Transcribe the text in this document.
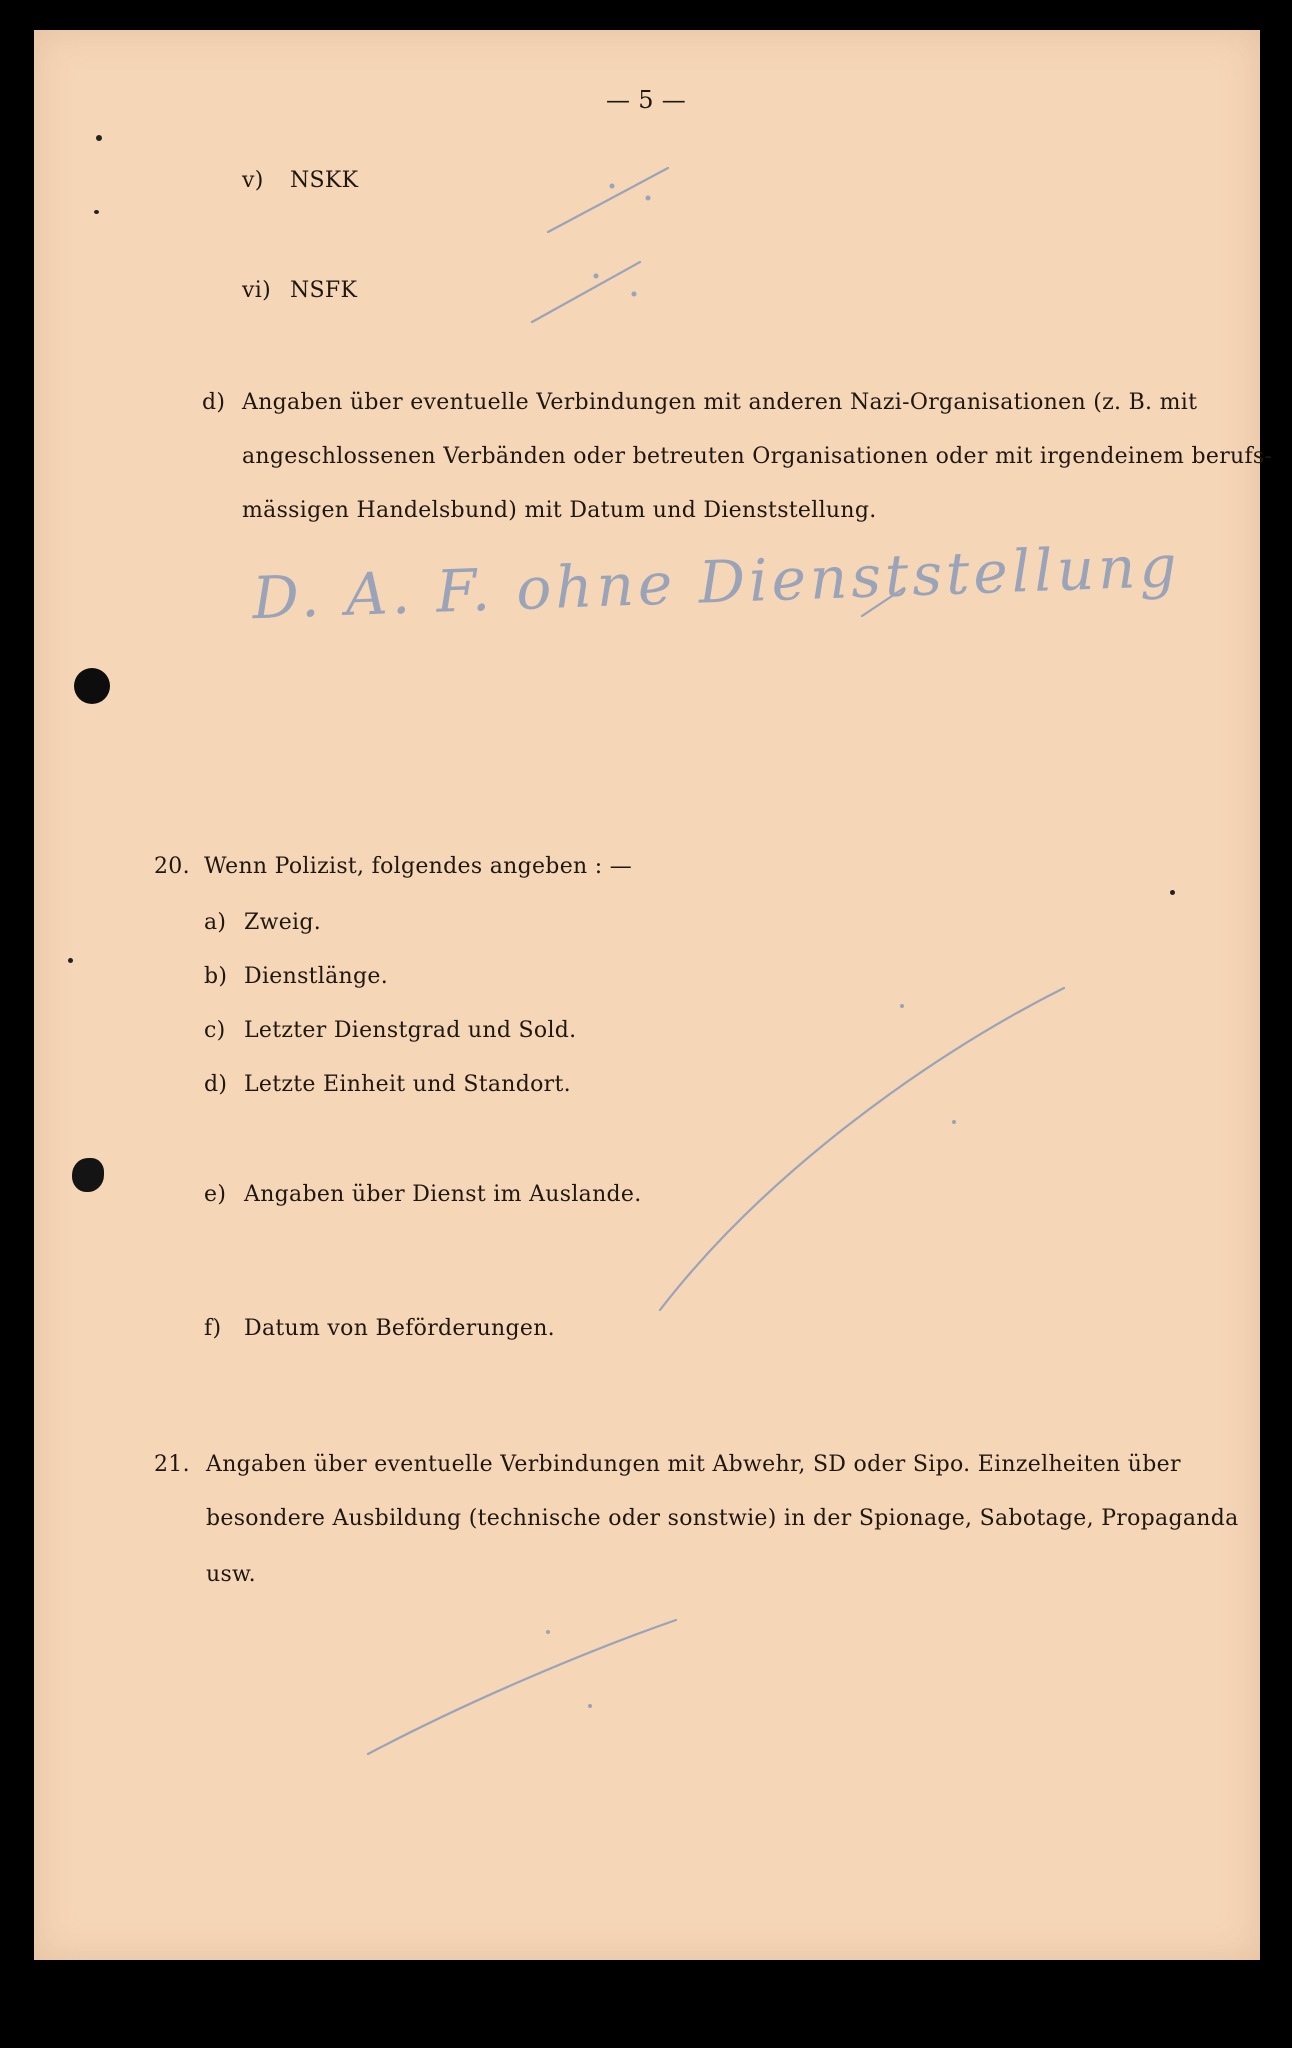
— 5 —
v) NSKK
vi) NSFK
d) Angaben über eventuelle Verbindungen mit anderen Nazi-Organisationen (z. B. mit
angeschlossenen Verbänden oder betreuten Organisationen oder mit irgendeinem berufs-
mässigen Handelsbund) mit Datum und Dienststellung.
D. A. F. ohne Dienststellung
20. Wenn Polizist, folgendes angeben : —
a) Zweig.
b) Dienstlänge.
c) Letzter Dienstgrad und Sold.
d) Letzte Einheit und Standort.
e) Angaben über Dienst im Auslande.
f) Datum von Beförderungen.
21. Angaben über eventuelle Verbindungen mit Abwehr, SD oder Sipo. Einzelheiten über
besondere Ausbildung (technische oder sonstwie) in der Spionage, Sabotage, Propaganda
usw.
